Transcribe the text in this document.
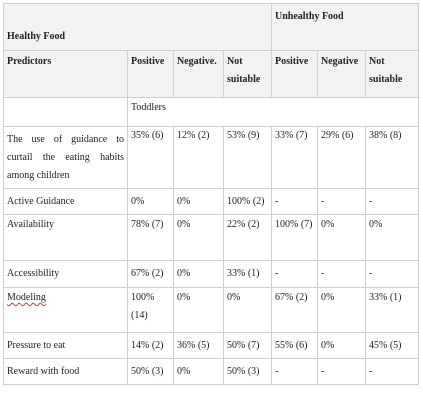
Healthy Food				Unhealthy Food		
Predictors	Positive	Negative.	Not suitable	Positive	Negative	Not suitable
	Toddlers					
The use of guidance to curtail the eating habits among children	35% (6)	12% (2)	53% (9)	33% (7)	29% (6)	38% (8)
Active Guidance	0%	0%	100% (2)	-	-	-
Availability	78% (7)	0%	22% (2)	100% (7)	0%	0%
Accessibility	67% (2)	0%	33% (1)	-	-	-
Modeling	100% (14)	0%	0%	67% (2)	0%	33% (1)
Pressure to eat	14% (2)	36% (5)	50% (7)	55% (6)	0%	45% (5)
Reward with food	50% (3)	0%	50% (3)	-	-	-
